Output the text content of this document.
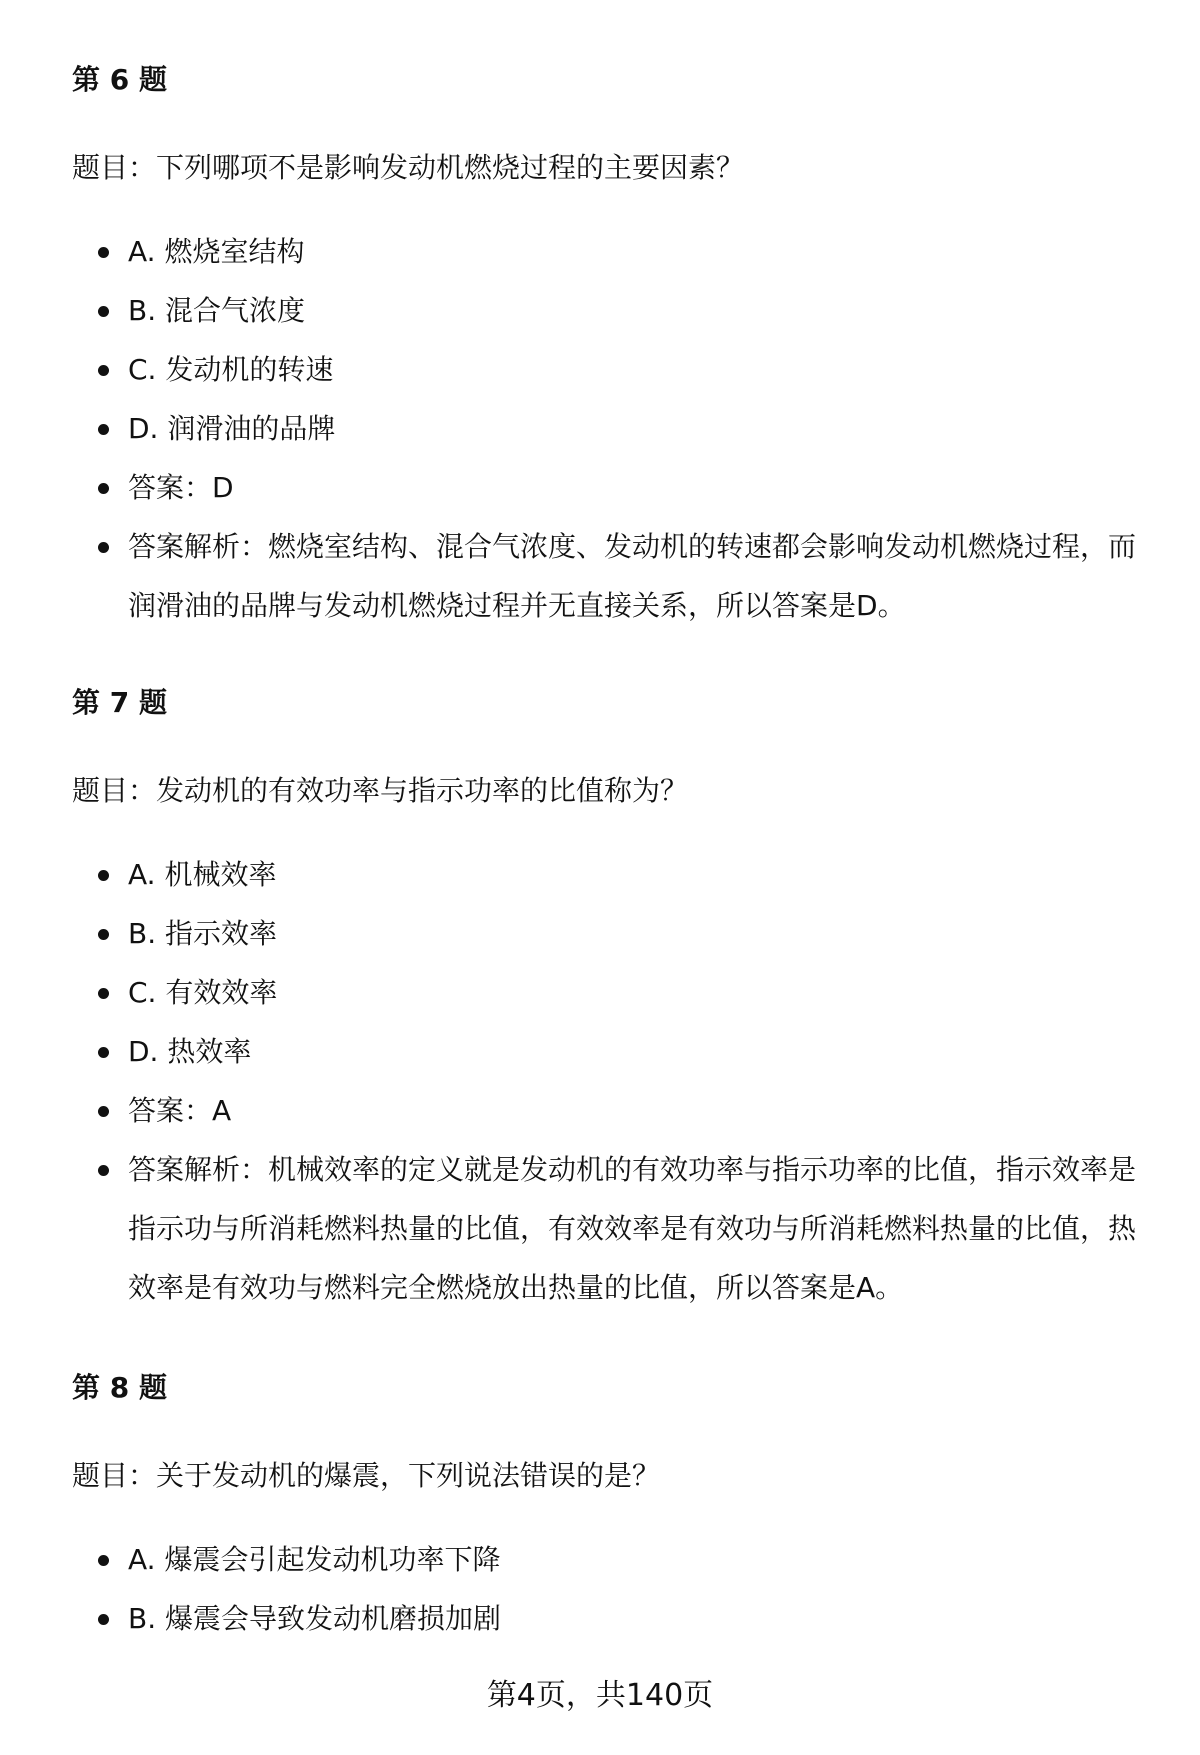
第 6 题

题目：下列哪项不是影响发动机燃烧过程的主要因素？

A. 燃烧室结构
B. 混合气浓度
C. 发动机的转速
D. 润滑油的品牌
答案：D
答案解析：燃烧室结构、混合气浓度、发动机的转速都会影响发动机燃烧过程，而润滑油的品牌与发动机燃烧过程并无直接关系，所以答案是D。
第 7 题

题目：发动机的有效功率与指示功率的比值称为？

A. 机械效率
B. 指示效率
C. 有效效率
D. 热效率
答案：A
答案解析：机械效率的定义就是发动机的有效功率与指示功率的比值，指示效率是指示功与所消耗燃料热量的比值，有效效率是有效功与所消耗燃料热量的比值，热效率是有效功与燃料完全燃烧放出热量的比值，所以答案是A。
第 8 题

题目：关于发动机的爆震，下列说法错误的是？

A. 爆震会引起发动机功率下降
B. 爆震会导致发动机磨损加剧
第4页，共140页
